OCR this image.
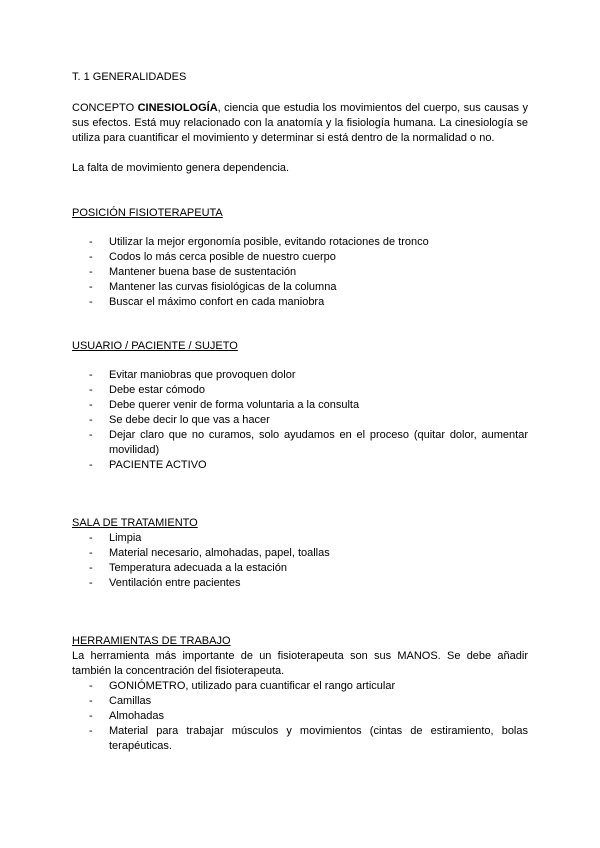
T. 1 GENERALIDADES

CONCEPTO CINESIOLOGÍA, ciencia que estudia los movimientos del cuerpo, sus causas y sus efectos. Está muy relacionado con la anatomía y la fisiología humana. La cinesiología se utiliza para cuantificar el movimiento y determinar si está dentro de la normalidad o no.

La falta de movimiento genera dependencia.

POSICIÓN FISIOTERAPEUTA

- Utilizar la mejor ergonomía posible, evitando rotaciones de tronco
- Codos lo más cerca posible de nuestro cuerpo
- Mantener buena base de sustentación
- Mantener las curvas fisiológicas de la columna
- Buscar el máximo confort en cada maniobra

USUARIO / PACIENTE / SUJETO

- Evitar maniobras que provoquen dolor
- Debe estar cómodo
- Debe querer venir de forma voluntaria a la consulta
- Se debe decir lo que vas a hacer
- Dejar claro que no curamos, solo ayudamos en el proceso (quitar dolor, aumentar movilidad)
- PACIENTE ACTIVO

SALA DE TRATAMIENTO

- Limpia
- Material necesario, almohadas, papel, toallas
- Temperatura adecuada a la estación
- Ventilación entre pacientes

HERRAMIENTAS DE TRABAJO

La herramienta más importante de un fisioterapeuta son sus MANOS. Se debe añadir también la concentración del fisioterapeuta.

- GONIÓMETRO, utilizado para cuantificar el rango articular
- Camillas
- Almohadas
- Material para trabajar músculos y movimientos (cintas de estiramiento, bolas terapéuticas.
